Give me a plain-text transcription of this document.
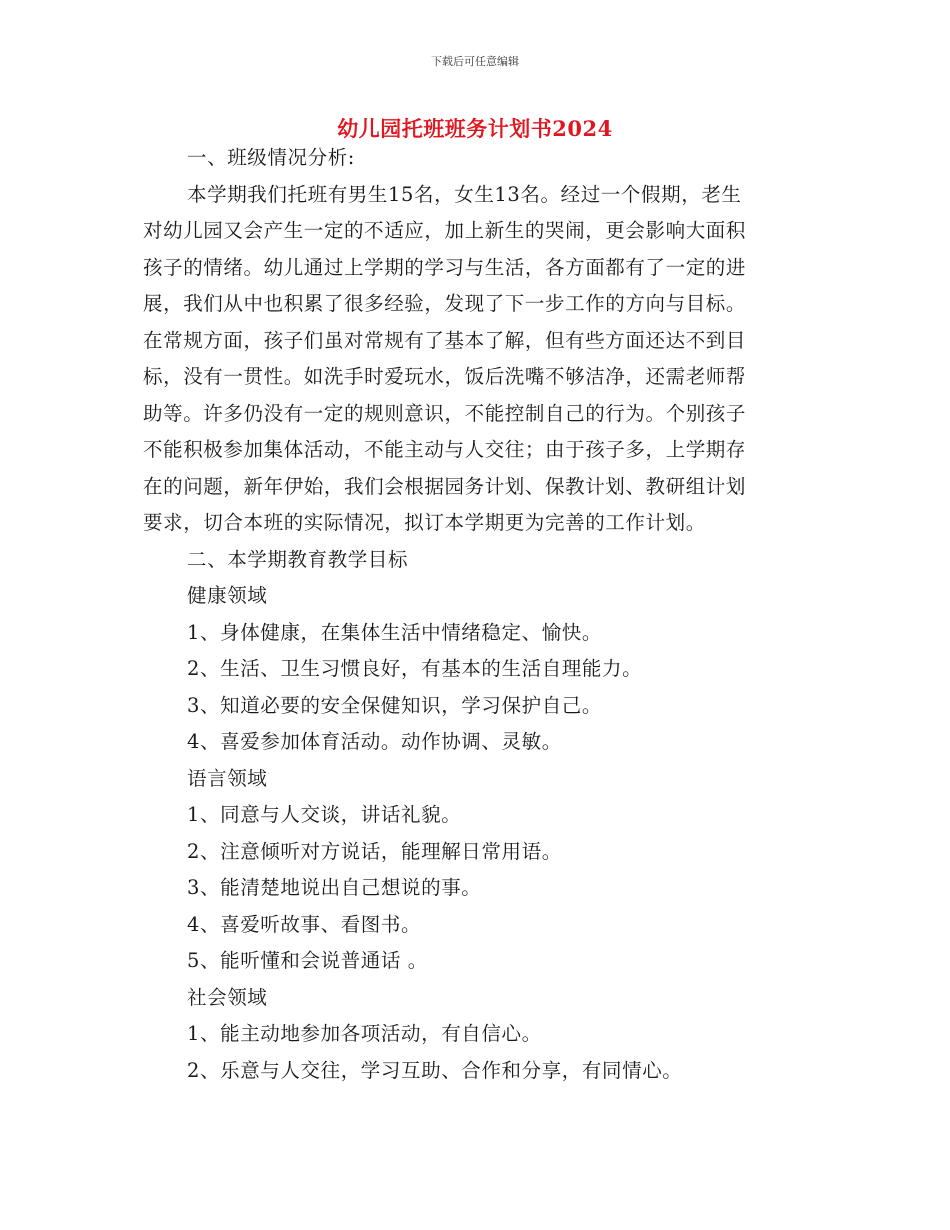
下载后可任意编辑
幼儿园托班班务计划书2024
一、班级情况分析:
本学期我们托班有男生15名，女生13名。经过一个假期，老生
对幼儿园又会产生一定的不适应，加上新生的哭闹，更会影响大面积
孩子的情绪。幼儿通过上学期的学习与生活，各方面都有了一定的进
展，我们从中也积累了很多经验，发现了下一步工作的方向与目标。
在常规方面，孩子们虽对常规有了基本了解，但有些方面还达不到目
标，没有一贯性。如洗手时爱玩水，饭后洗嘴不够洁净，还需老师帮
助等。许多仍没有一定的规则意识，不能控制自己的行为。个别孩子
不能积极参加集体活动，不能主动与人交往；由于孩子多，上学期存
在的问题，新年伊始，我们会根据园务计划、保教计划、教研组计划
要求，切合本班的实际情况，拟订本学期更为完善的工作计划。
二、本学期教育教学目标
健康领域
1、身体健康，在集体生活中情绪稳定、愉快。
2、生活、卫生习惯良好，有基本的生活自理能力。
3、知道必要的安全保健知识，学习保护自己。
4、喜爱参加体育活动。动作协调、灵敏。
语言领域
1、同意与人交谈，讲话礼貌。
2、注意倾听对方说话，能理解日常用语。
3、能清楚地说出自己想说的事。
4、喜爱听故事、看图书。
5、能听懂和会说普通话 。
社会领域
1、能主动地参加各项活动，有自信心。
2、乐意与人交往，学习互助、合作和分享，有同情心。
